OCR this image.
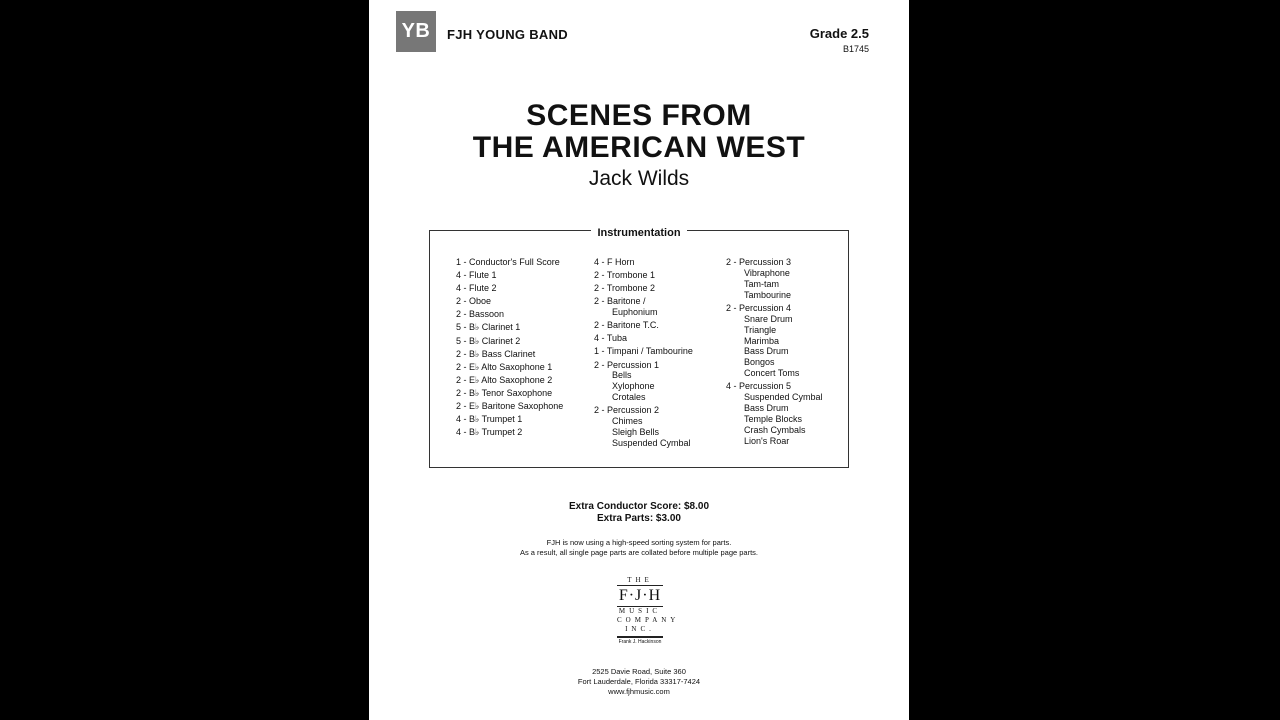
YB	FJH YOUNG BAND	Grade 2.5
B1745
SCENES FROM
THE AMERICAN WEST
Jack Wilds
Instrumentation
1 - Conductor's Full Score
4 - Flute 1
4 - Flute 2
2 - Oboe
2 - Bassoon
5 - B♭ Clarinet 1
5 - B♭ Clarinet 2
2 - B♭ Bass Clarinet
2 - E♭ Alto Saxophone 1
2 - E♭ Alto Saxophone 2
2 - B♭ Tenor Saxophone
2 - E♭ Baritone Saxophone
4 - B♭ Trumpet 1
4 - B♭ Trumpet 2
4 - F Horn
2 - Trombone 1
2 - Trombone 2
2 - Baritone /
Euphonium
2 - Baritone T.C.
4 - Tuba
1 - Timpani / Tambourine
2 - Percussion 1
Bells
Xylophone
Crotales
2 - Percussion 2
Chimes
Sleigh Bells
Suspended Cymbal
2 - Percussion 3
Vibraphone
Tam-tam
Tambourine
2 - Percussion 4
Snare Drum
Triangle
Marimba
Bass Drum
Bongos
Concert Toms
4 - Percussion 5
Suspended Cymbal
Bass Drum
Temple Blocks
Crash Cymbals
Lion's Roar
Extra Conductor Score: $8.00
Extra Parts: $3.00
FJH is now using a high-speed sorting system for parts.
As a result, all single page parts are collated before multiple page parts.
THE
F·J·H
MUSIC
COMPANY
INC.
Frank J. Hackinson
2525 Davie Road, Suite 360
Fort Lauderdale, Florida 33317-7424
www.fjhmusic.com
